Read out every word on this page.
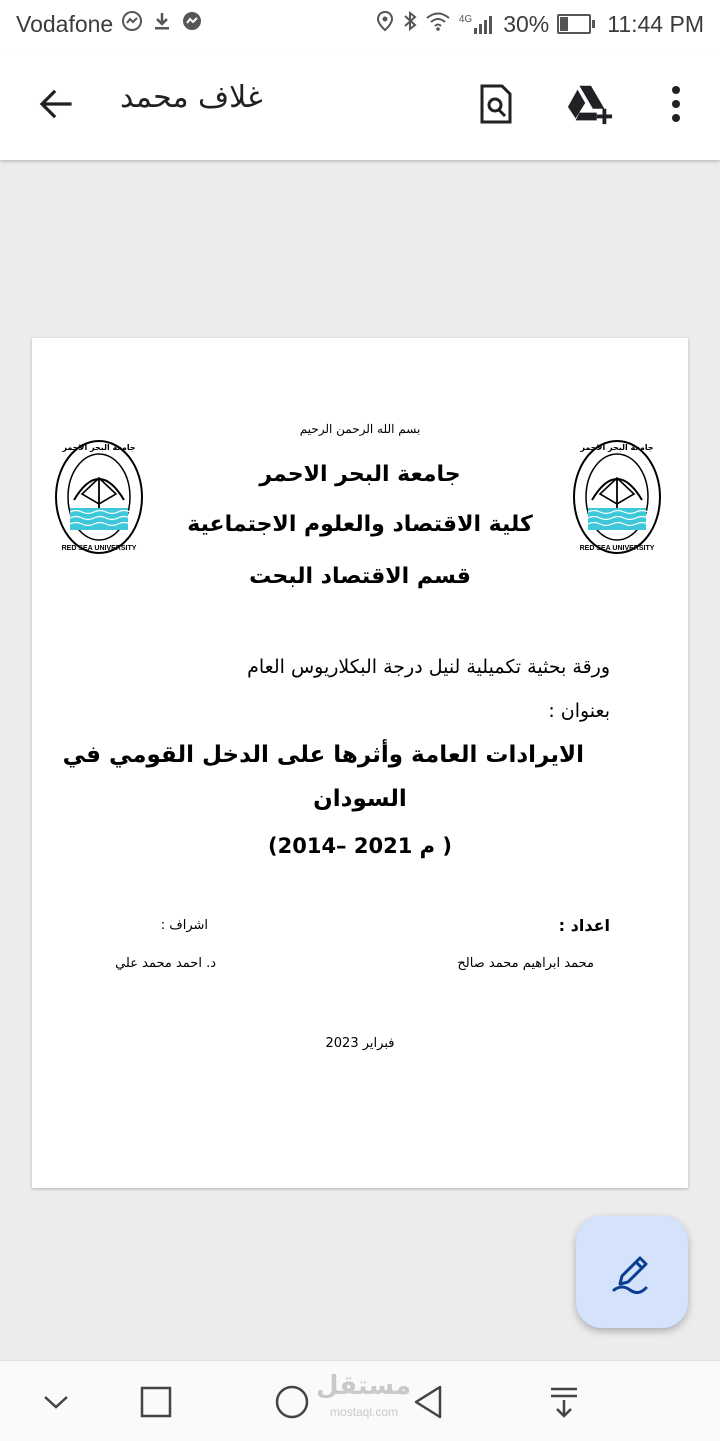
Vodafone	4G 30%	11:44 PM
غلاف محمد
جامعة البحر الاحمر
RED SEA UNIVERSITY
جامعة البحر الاحمر
RED SEA UNIVERSITY
بسم الله الرحمن الرحيم
جامعة البحر الاحمر
كلية الاقتصاد والعلوم الاجتماعية
قسم الاقتصاد البحت
ورقة بحثية تكميلية لنيل درجة البكلاريوس العام
بعنوان :
الايرادات العامة وأثرها على الدخل القومي في
السودان
(2014– 2021 م )
اعداد :
اشراف :
محمد ابراهيم محمد صالح
د. احمد محمد علي
فبراير 2023
مستقل
mostaql.com
